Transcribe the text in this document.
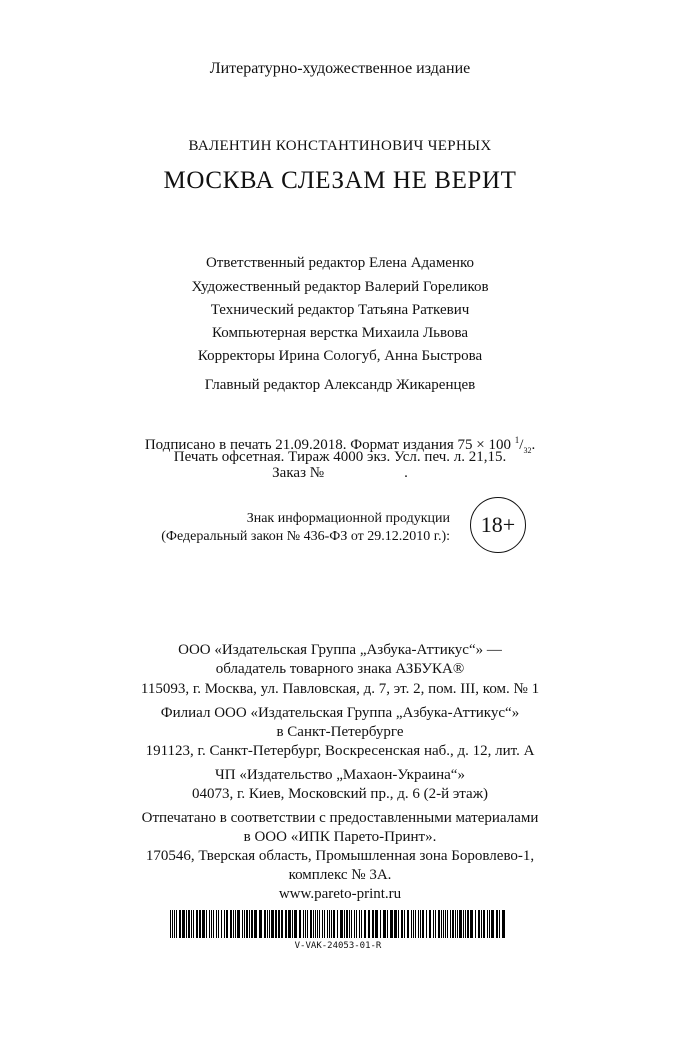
Литературно-художественное издание
ВАЛЕНТИН КОНСТАНТИНОВИЧ ЧЕРНЫХ
МОСКВА СЛЕЗАМ НЕ ВЕРИТ
Ответственный редактор Елена Адаменко
Художественный редактор Валерий Гореликов
Технический редактор Татьяна Раткевич
Компьютерная верстка Михаила Львова
Корректоры Ирина Сологуб, Анна Быстрова
Главный редактор Александр Жикаренцев
Подписано в печать 21.09.2018. Формат издания 75 × 100 $^1/_{32}$.
Печать офсетная. Тираж 4000 экз. Усл. печ. л. 21,15.
Заказ №	.
Знак информационной продукции
(Федеральный закон № 436-ФЗ от 29.12.2010 г.):	18+
ООО «Издательская Группа „Азбука-Аттикус“» —
обладатель товарного знака АЗБУКА®
115093, г. Москва, ул. Павловская, д. 7, эт. 2, пом. III, ком. № 1
Филиал ООО «Издательская Группа „Азбука-Аттикус“»
в Санкт-Петербурге
191123, г. Санкт-Петербург, Воскресенская наб., д. 12, лит. А
ЧП «Издательство „Махаон-Украина“»
04073, г. Киев, Московский пр., д. 6 (2-й этаж)
Отпечатано в соответствии с предоставленными материалами
в ООО «ИПК Парето-Принт».
170546, Тверская область, Промышленная зона Боровлево-1,
комплекс № 3А.
www.pareto-print.ru
V-VAK-24053-01-R
